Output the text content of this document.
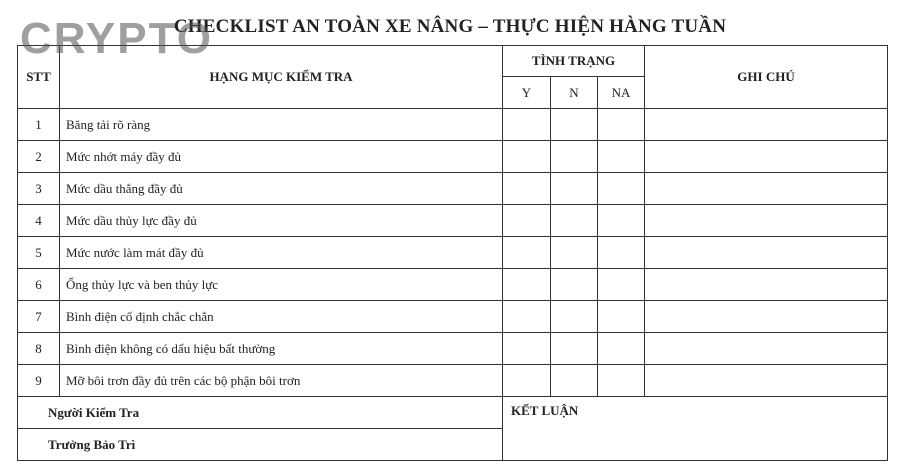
CRYPTO
CHECKLIST AN TOÀN XE NÂNG – THỰC HIỆN HÀNG TUẦN
STT	HẠNG MỤC KIỂM TRA	TÌNH TRẠNG			GHI CHÚ
		Y	N	NA	
1	Băng tải rõ ràng				
2	Mức nhớt máy đầy đủ				
3	Mức dầu thắng đầy đủ				
4	Mức dầu thủy lực đầy đủ				
5	Mức nước làm mát đầy đủ				
6	Ống thủy lực và ben thủy lực				
7	Bình điện cố định chắc chắn				
8	Bình điện không có dấu hiệu bất thường				
9	Mỡ bôi trơn đầy đủ trên các bộ phận bôi trơn				
Người Kiểm Tra		KẾT LUẬN			
Trưởng Bảo Trì					
